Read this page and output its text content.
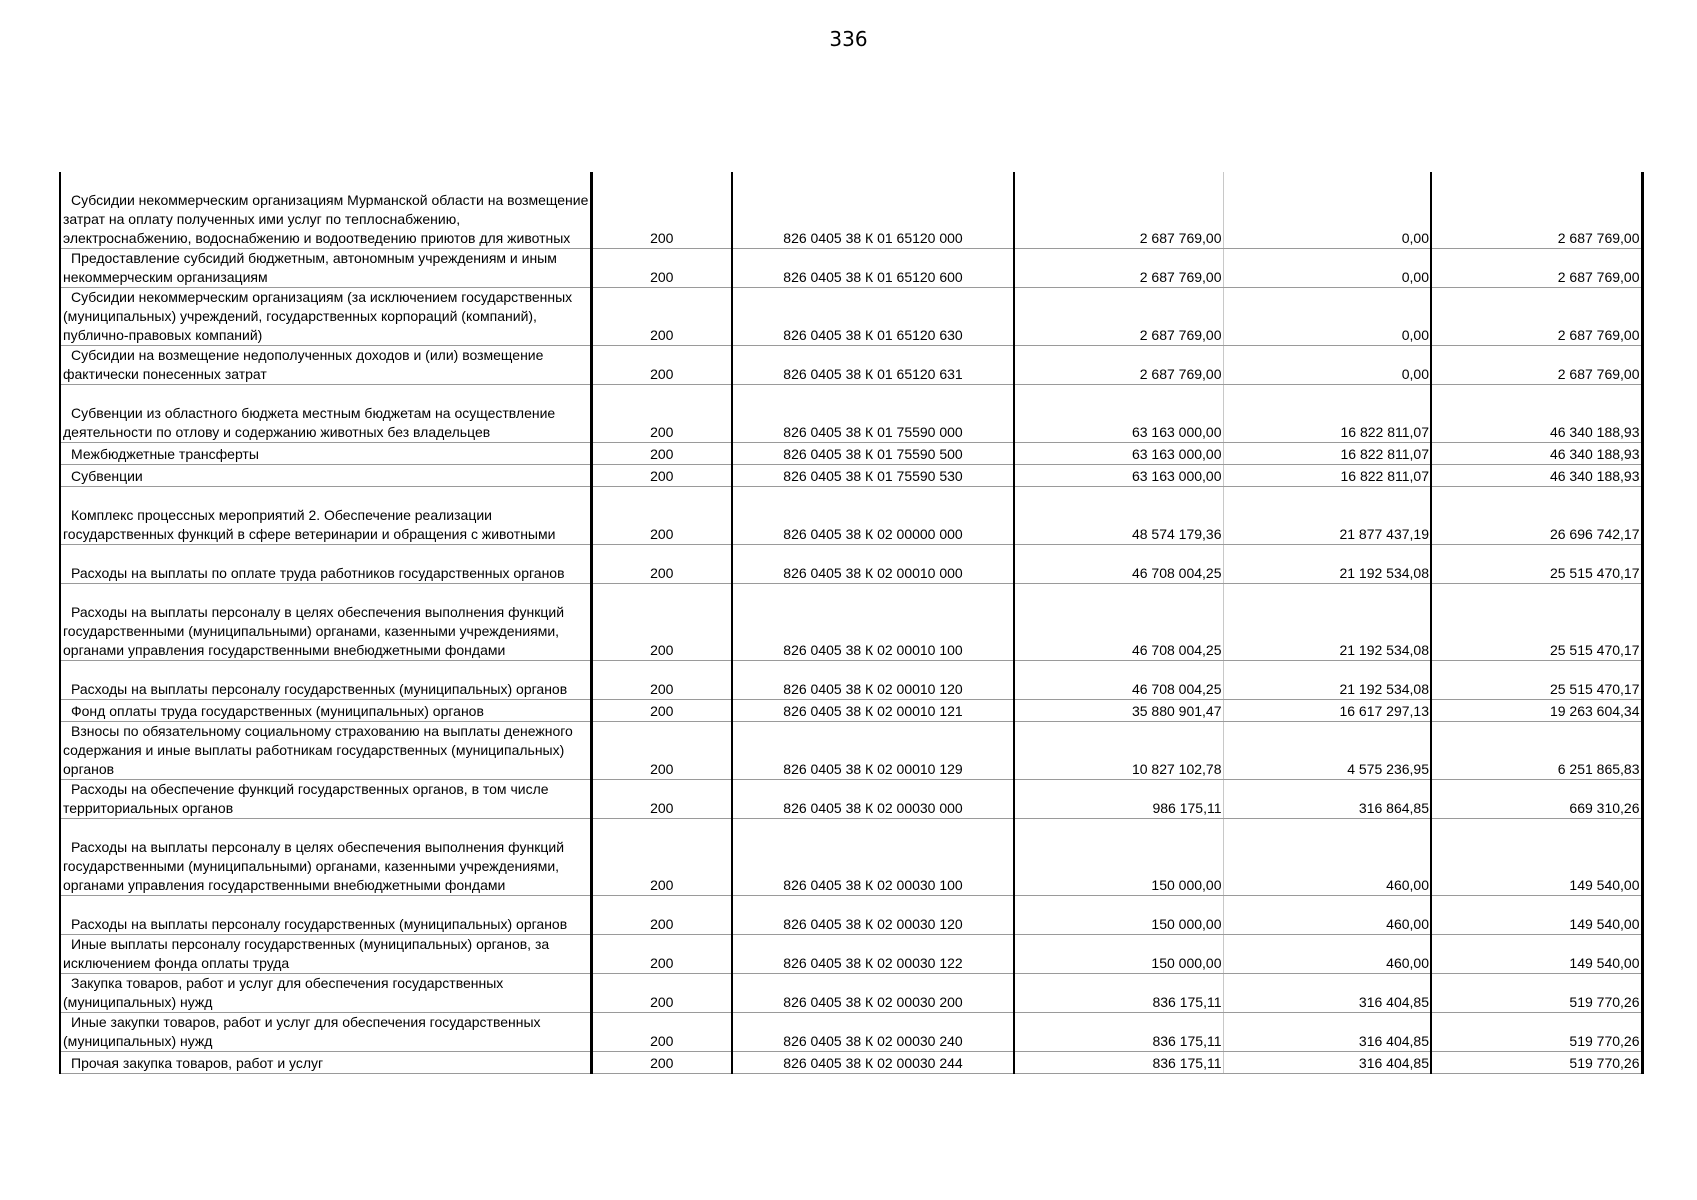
336
Субсидии некоммерческим организациям Мурманской области на возмещение затрат на оплату полученных ими услуг по теплоснабжению, электроснабжению, водоснабжению и водоотведению приютов для животных	200	826 0405 38 К 01 65120 000	2 687 769,00	0,00	2 687 769,00
Предоставление субсидий бюджетным, автономным учреждениям и иным некоммерческим организациям	200	826 0405 38 К 01 65120 600	2 687 769,00	0,00	2 687 769,00
Субсидии некоммерческим организациям (за исключением государственных (муниципальных) учреждений, государственных корпораций (компаний), публично-правовых компаний)	200	826 0405 38 К 01 65120 630	2 687 769,00	0,00	2 687 769,00
Субсидии на возмещение недополученных доходов и (или) возмещение фактически понесенных затрат	200	826 0405 38 К 01 65120 631	2 687 769,00	0,00	2 687 769,00
Субвенции из областного бюджета местным бюджетам на осуществление деятельности по отлову и содержанию животных без владельцев	200	826 0405 38 К 01 75590 000	63 163 000,00	16 822 811,07	46 340 188,93
Межбюджетные трансферты	200	826 0405 38 К 01 75590 500	63 163 000,00	16 822 811,07	46 340 188,93
Субвенции	200	826 0405 38 К 01 75590 530	63 163 000,00	16 822 811,07	46 340 188,93
Комплекс процессных мероприятий 2. Обеспечение реализации государственных функций в сфере ветеринарии и обращения с животными	200	826 0405 38 К 02 00000 000	48 574 179,36	21 877 437,19	26 696 742,17
Расходы на выплаты по оплате труда работников государственных органов	200	826 0405 38 К 02 00010 000	46 708 004,25	21 192 534,08	25 515 470,17
Расходы на выплаты персоналу в целях обеспечения выполнения функций государственными (муниципальными) органами, казенными учреждениями, органами управления государственными внебюджетными фондами	200	826 0405 38 К 02 00010 100	46 708 004,25	21 192 534,08	25 515 470,17
Расходы на выплаты персоналу государственных (муниципальных) органов	200	826 0405 38 К 02 00010 120	46 708 004,25	21 192 534,08	25 515 470,17
Фонд оплаты труда государственных (муниципальных) органов	200	826 0405 38 К 02 00010 121	35 880 901,47	16 617 297,13	19 263 604,34
Взносы по обязательному социальному страхованию на выплаты денежного содержания и иные выплаты работникам государственных (муниципальных) органов	200	826 0405 38 К 02 00010 129	10 827 102,78	4 575 236,95	6 251 865,83
Расходы на обеспечение функций государственных органов, в том числе территориальных органов	200	826 0405 38 К 02 00030 000	986 175,11	316 864,85	669 310,26
Расходы на выплаты персоналу в целях обеспечения выполнения функций государственными (муниципальными) органами, казенными учреждениями, органами управления государственными внебюджетными фондами	200	826 0405 38 К 02 00030 100	150 000,00	460,00	149 540,00
Расходы на выплаты персоналу государственных (муниципальных) органов	200	826 0405 38 К 02 00030 120	150 000,00	460,00	149 540,00
Иные выплаты персоналу государственных (муниципальных) органов, за исключением фонда оплаты труда	200	826 0405 38 К 02 00030 122	150 000,00	460,00	149 540,00
Закупка товаров, работ и услуг для обеспечения государственных (муниципальных) нужд	200	826 0405 38 К 02 00030 200	836 175,11	316 404,85	519 770,26
Иные закупки товаров, работ и услуг для обеспечения государственных (муниципальных) нужд	200	826 0405 38 К 02 00030 240	836 175,11	316 404,85	519 770,26
Прочая закупка товаров, работ и услуг	200	826 0405 38 К 02 00030 244	836 175,11	316 404,85	519 770,26
